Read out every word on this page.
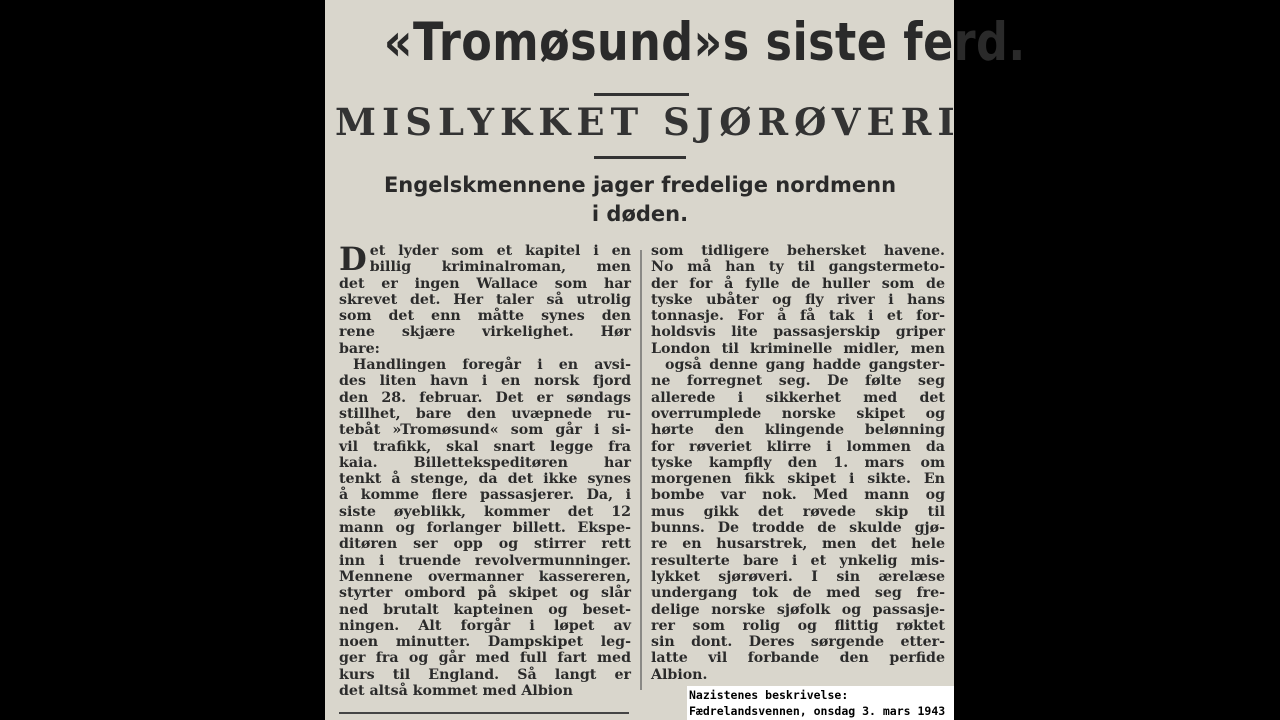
«Tromøsund»s siste ferd.
MISLYKKET SJØRØVERI
Engelskmennene jager fredelige nordmenn
i døden.
D et lyder som et kapitel i en
billig kriminalroman, men
det er ingen Wallace som har
skrevet det. Her taler så utrolig
som det enn måtte synes den
rene skjære virkelighet. Hør
bare:
Handlingen foregår i en avsi-
des liten havn i en norsk fjord
den 28. februar. Det er søndags
stillhet, bare den uvæpnede ru-
tebåt »Tromøsund« som går i si-
vil trafikk, skal snart legge fra
kaia. Billettekspeditøren har
tenkt å stenge, da det ikke synes
å komme flere passasjerer. Da, i
siste øyeblikk, kommer det 12
mann og forlanger billett. Ekspe-
ditøren ser opp og stirrer rett
inn i truende revolvermunninger.
Mennene overmanner kassereren,
styrter ombord på skipet og slår
ned brutalt kapteinen og beset-
ningen. Alt forgår i løpet av
noen minutter. Dampskipet leg-
ger fra og går med full fart med
kurs til England. Så langt er
det altså kommet med Albion
som tidligere behersket havene.
No må han ty til gangstermeto-
der for å fylle de huller som de
tyske ubåter og fly river i hans
tonnasje. For å få tak i et for-
holdsvis lite passasjerskip griper
London til kriminelle midler, men
også denne gang hadde gangster-
ne forregnet seg. De følte seg
allerede i sikkerhet med det
overrumplede norske skipet og
hørte den klingende belønning
for røveriet klirre i lommen da
tyske kampfly den 1. mars om
morgenen fikk skipet i sikte. En
bombe var nok. Med mann og
mus gikk det røvede skip til
bunns. De trodde de skulde gjø-
re en husarstrek, men det hele
resulterte bare i et ynkelig mis-
lykket sjørøveri. I sin ærelæse
undergang tok de med seg fre-
delige norske sjøfolk og passasje-
rer som rolig og flittig røktet
sin dont. Deres sørgende etter-
latte vil forbande den perfide
Albion.
Nazistenes beskrivelse:
Fædrelandsvennen, onsdag 3. mars 1943
